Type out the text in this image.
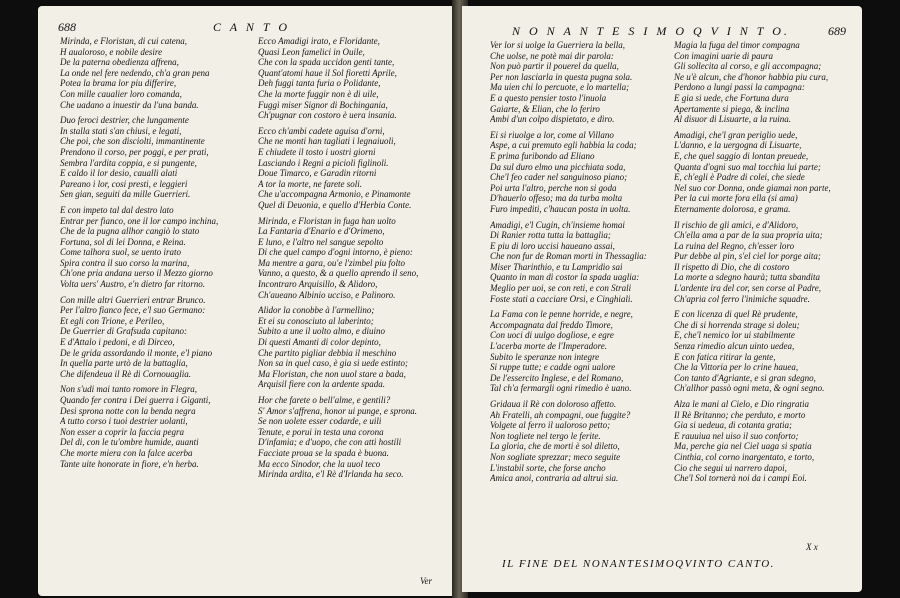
688	C A N T O
Mirinda, e Floristan, di cui catena,
H aualoroso, e nobile desire
De la paterna obedienza affrena,
La onde nel fere nedendo, ch'a gran pena
Potea la brama lor piu differire,
Con mille caualier loro comanda,
Che uadano a inuestir da l'una banda.
Duo feroci destrier, che lungamente
In stalla stati s'an chiusi, e legati,
Che poi, che son disciolti, immantinente
Prendono il corso, per poggi, e per prati,
Sembra l'ardita coppia, e si pungente,
E caldo il lor desio, caualli alati
Pareano i lor, cosi presti, e leggieri
Sen gian, seguiti da mille Guerrieri.
E con impeto tal dal destro lato
Entrar per fianco, one il lor campo inchina,
Che de la pugna allhor cangiò lo stato
Fortuna, sol di lei Donna, e Reina.
Come talhora suol, se uento irato
Spira contra il suo corso la marina,
Ch'one pria andana uerso il Mezzo giorno
Volta uers' Austro, e'n dietro far ritorno.
Con mille altri Guerrieri entrar Brunco.
Per l'altro fianco fece, e'l suo Germano:
Et egli con Trione, e Perileo,
De Guerrier di Grafsuda capitano:
E d'Attalo i pedoni, e di Dirceo,
De le grida assordando il monte, e'l piano
In quella parte urtò de la battaglia,
Che difendeua il Rè di Cornouaglia.
Non s'udi mai tanto romore in Flegra,
Quando fer contra i Dei guerra i Giganti,
Desi sprona notte con la benda negra
A tutto corso i tuoi destrier uolanti,
Non esser a coprir la faccia pegra
Del di, con le tu'ombre humide, auanti
Che morte miera con la falce acerba
Tante uite honorate in fiore, e'n herba.
Ecco Amadigi irato, e Floridante,
Quasi Leon famelici in Ouile,
Che con la spada uccidon genti tante,
Quant'atomi haue il Sol fioretti Aprile,
Deh fuggi tanta furia o Polidante,
Che la morte fuggir non è di uile,
Fuggi miser Signor di Bochingania,
Ch'pugnar con costoro è uera insania.
Ecco ch'ambi cadete aguisa d'orni,
Che ne monti han tagliati i legnaiuoli,
E chiudete il tosto i uostri giorni
Lasciando i Regni a picioli figlinoli.
Doue Timarco, e Garadin ritorni
A tor la morte, ne farete soli.
Che u'accompagna Armonio, e Pinamonte
Quel di Deuonia, e quello d'Herbia Conte.
Mirinda, e Floristan in fuga han uolto
La Fantaria d'Enario e d'Orimeno,
E luno, e l'altro nel sangue sepolto
Di che quel campo d'ogni intorno, è pieno:
Ma mentre a gara, ou'e l'zimbel piu folto
Vanno, a questo, & a quello aprendo il seno,
Incontraro Arquisillo, & Alidoro,
Ch'aueano Albinio ucciso, e Palinoro.
Alidor la conobbe à l'armellino;
Et ei su conosciuto al laberinto;
Subito a une il uolto almo, e diuino
Di questi Amanti di color depinto,
Che partito pigliar debbia il meschino
Non sa in quel caso, è gia si uede estinto;
Ma Floristan, che non uuol stare a bada,
Arquisil fiere con la ardente spada.
Hor che farete o bell'alme, e gentili?
S' Amor s'affrena, honor ui punge, e sprona.
Se non uolete esser codarde, e uili
Tenute, e porui in testa una corona
D'infamia; e d'uopo, che con atti hostili
Facciate proua se la spada è buona.
Ma ecco Sinodor, che la uuol teco
Mirinda ardita, e'l Rè d'Irlanda ha seco.
Ver
N O N A N T E S I M O Q V I N T O.	689
Ver lor si uolge la Guerriera la bella,
Che uolse, ne potè mai dir parola:
Non può partir il pouerel da quella,
Per non lasciarla in questa pugna sola.
Ma uien chi lo percuote, e lo martella;
E a questo pensier tosto l'inuola
Gaiarte, & Elian, che lo feriro
Ambi d'un colpo dispietato, e diro.
Ei si riuolge a lor, come al Villano
Aspe, a cui premuto egli habbia la coda;
E prima furibondo ad Eliano
Da sul duro elmo una picchiata soda,
Che'l feo cader nel sanguinoso piano;
Poi urta l'altro, perche non si goda
D'hauerlo offeso; ma da turba molta
Furo impediti, c'haucan posta in uolta.
Amadigi, e'l Cugin, ch'insieme homai
Di Ranier rotta tutta la battaglia;
E piu di loro uccisi haueano assai,
Che non fur de Roman morti in Thessaglia:
Miser Tharinthio, e tu Lampridio sai
Quanto in man di costor la spada uaglia:
Meglio per uoi, se con reti, e con Strali
Foste stati a cacciare Orsi, e Cinghiali.
La Fama con le penne horride, e negre,
Accompagnata dal freddo Timore,
Con uoci di uulgo dogliose, e egre
L'acerba morte de l'Imperadore.
Subito le speranze non integre
Si ruppe tutte; e cadde ogni ualore
De l'essercito Inglese, e del Romano,
Tal ch'a fermargli ogni rimedio è uano.
Gridaua il Rè con doloroso affetto.
Ah Fratelli, ah compagni, oue fuggite?
Volgete al ferro il ualoroso petto;
Non togliete nel tergo le ferite.
La gloria, che de morti è sol diletto,
Non sogliate sprezzar; meco seguite
L'instabil sorte, che forse ancho
Amica anoi, contraria ad altrui sia.
Magia la fuga del timor compagna
Con imagini uarie di paura
Gli sollecita al corso, e gli accompagna;
Ne u'è alcun, che d'honor habbia piu cura,
Perdono a lungi passi la campagna:
E gia si uede, che Fortuna dura
Apertamente si piega, & inclina
Al disuor di Lisuarte, a la ruina.
Amadigi, che'l gran periglio uede,
L'danno, e la uergogna di Lisuarte,
E, che quel saggio di lontan preuede,
Quanta d'ogni suo mal tocchia lui parte;
E, ch'egli è Padre di colei, che siede
Nel suo cor Donna, onde giamai non parte,
Per la cui morte fora ella (si ama)
Eternamente dolorosa, e grama.
Il rischio de gli amici, e d'Alidoro,
Ch'ella ama a par de la sua propria uita;
La ruina del Regno, ch'esser loro
Pur debbe al pin, s'el ciel lor porge aita;
Il rispetto di Dio, che di costoro
La morte a sdegno haurà; tutta sbandita
L'ardente ira del cor, sen corse al Padre,
Ch'apria col ferro l'inimiche squadre.
E con licenza di quel Rè prudente,
Che di si horrenda strage si doleu;
E, che'l nemico lor ui stabilmente
Senza rimedio alcun uinto uedea,
E con fatica ritirar la gente,
Che la Vittoria per lo crine hauea,
Con tanto d'Agriante, e si gran sdegno,
Ch'allhor passò ogni meta, & ogni segno.
Alza le mani al Cielo, e Dio ringratia
Il Rè Britanno; che perduto, e morto
Gia si uedeua, di cotanta gratia;
E rauuiua nel uiso il suo conforto;
Ma, perche gia nel Ciel uaga si spatia
Cinthia, col corno inargentato, e torto,
Cio che segui ui narrero dapoi,
Che'l Sol tornerà noi da i campi Eoi.
IL FINE DEL NONANTESIMOQVINTO CANTO.
X x
